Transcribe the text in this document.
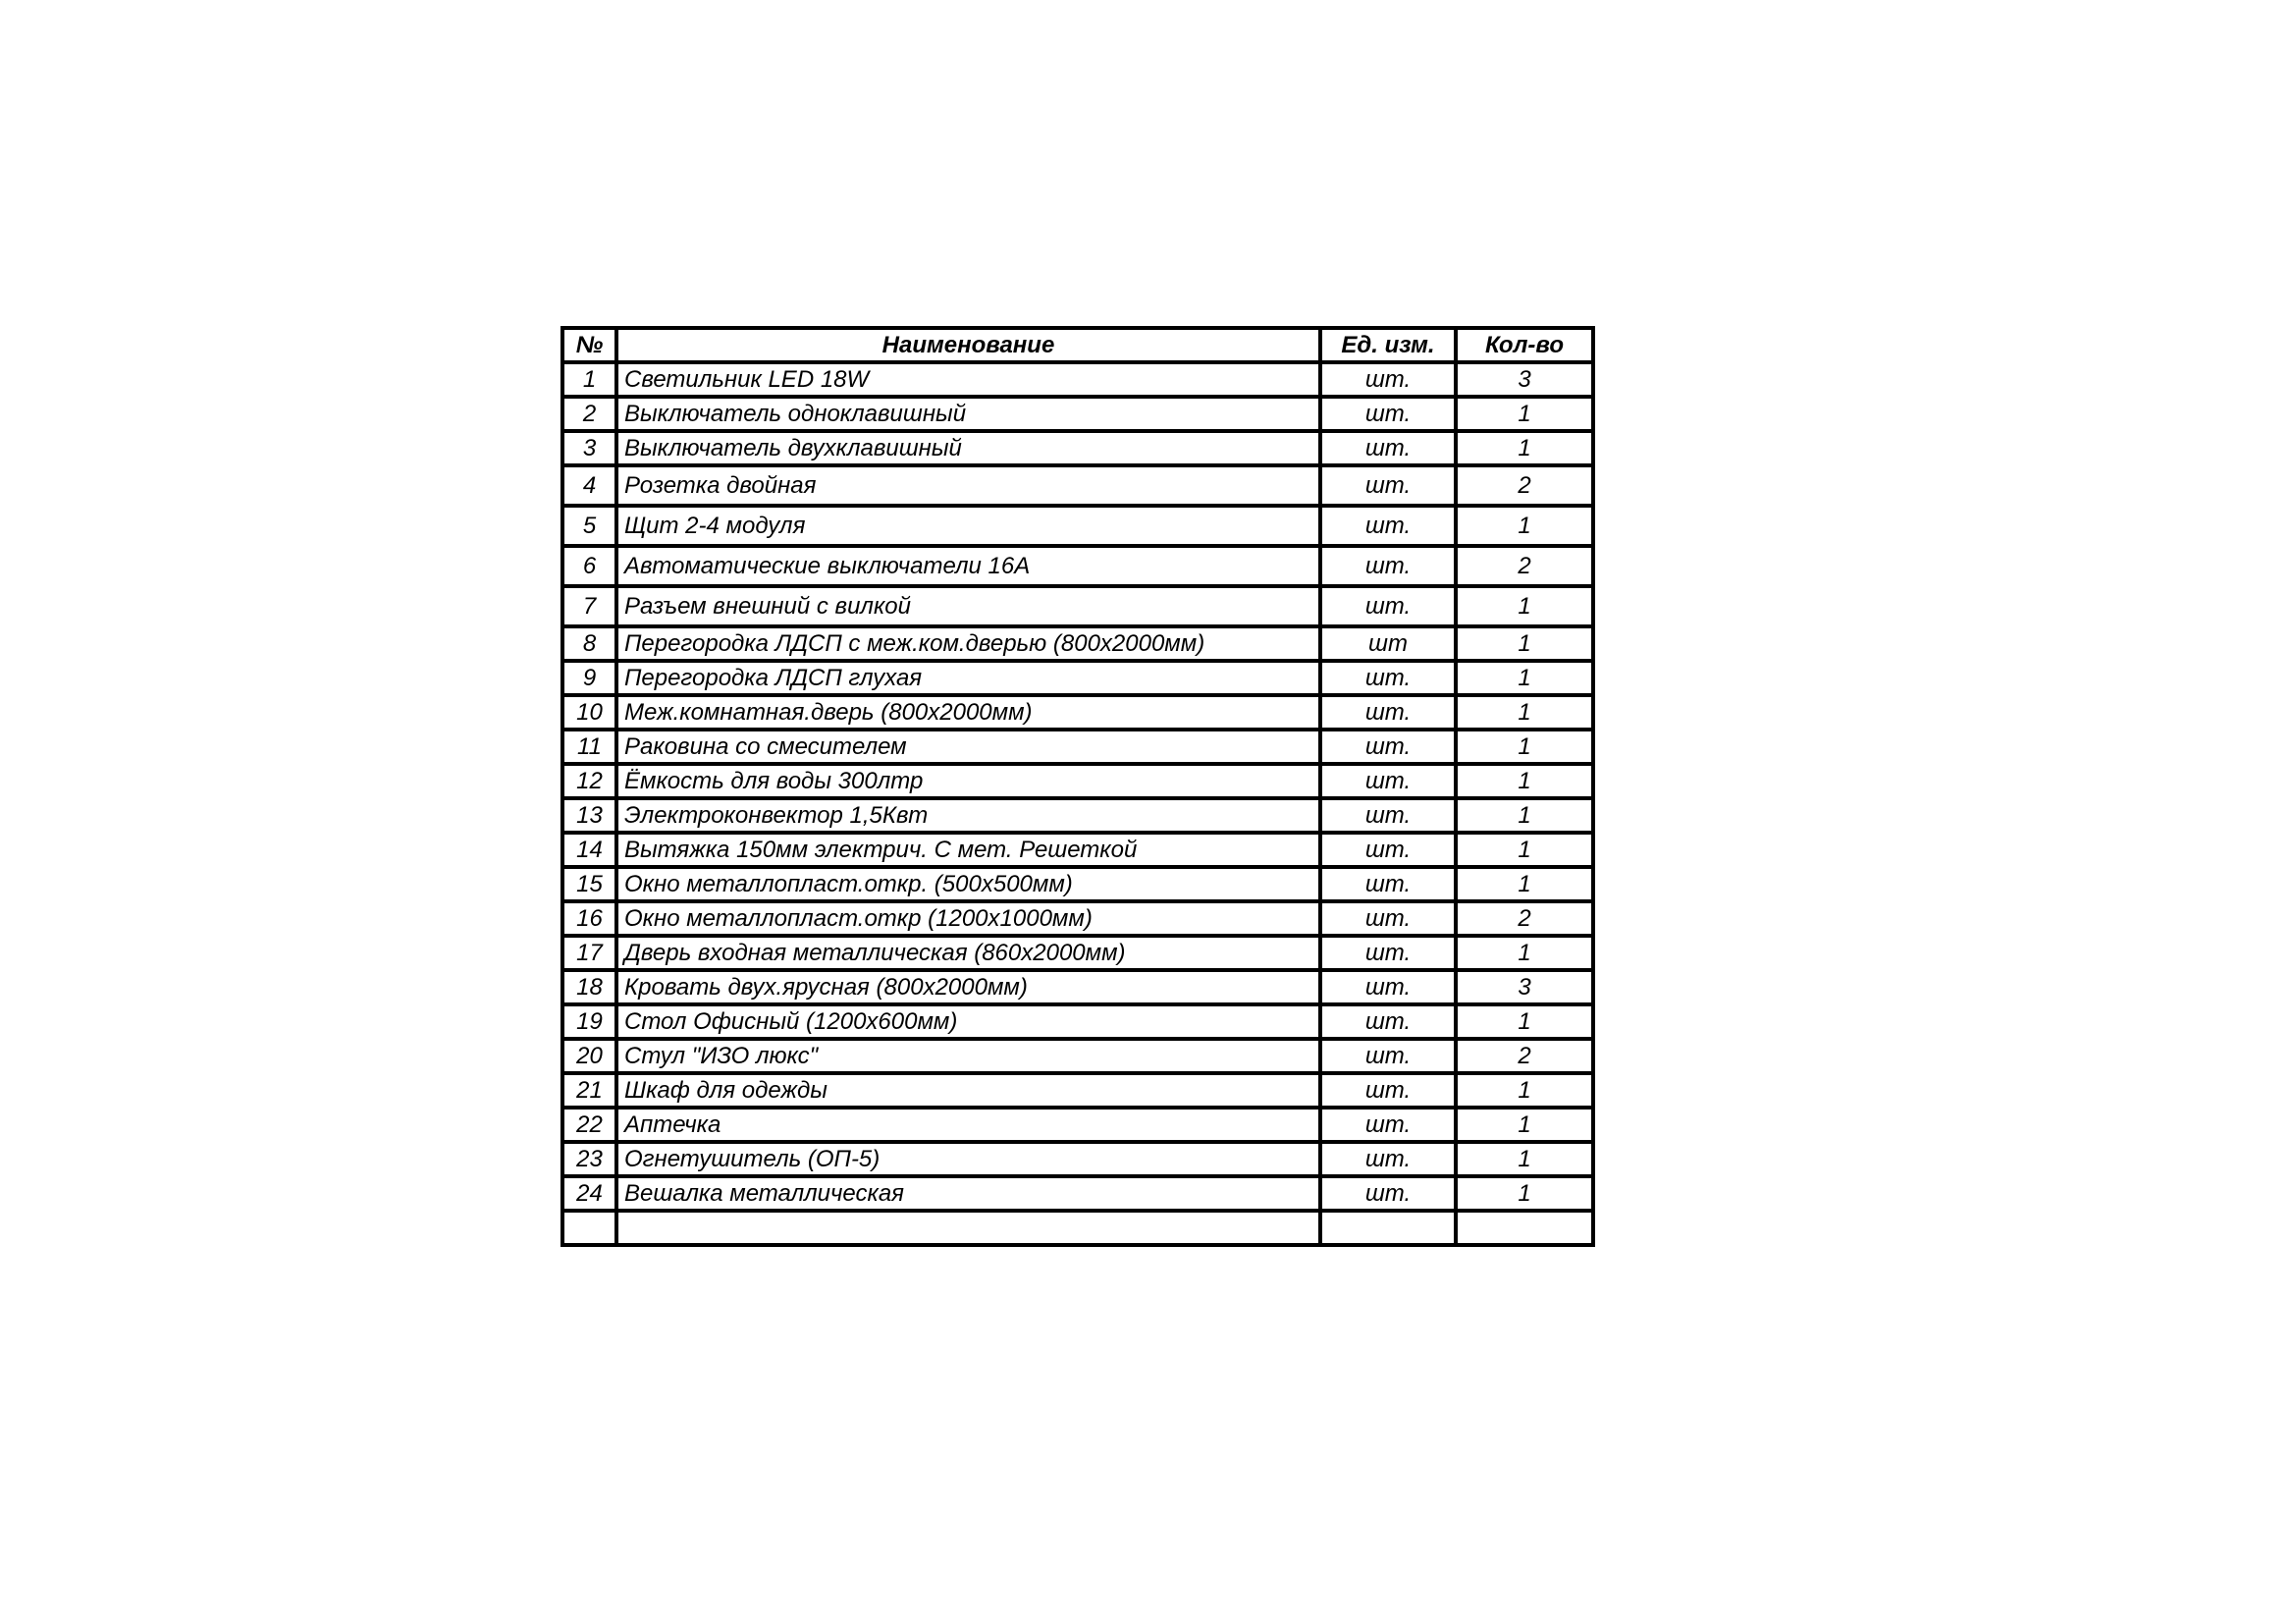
№	Наименование	Ед. изм.	Кол-во
1	Светильник LED 18W	шт.	3
2	Выключатель одноклавишный	шт.	1
3	Выключатель двухклавишный	шт.	1
4	Розетка двойная	шт.	2
5	Щит 2-4 модуля	шт.	1
6	Автоматические выключатели 16А	шт.	2
7	Разъем внешний с вилкой	шт.	1
8	Перегородка ЛДСП с меж.ком.дверью (800х2000мм)	шт	1
9	Перегородка ЛДСП глухая	шт.	1
10	Меж.комнатная.дверь (800х2000мм)	шт.	1
11	Раковина со смесителем	шт.	1
12	Ёмкость для воды 300лтр	шт.	1
13	Электроконвектор 1,5Квт	шт.	1
14	Вытяжка 150мм электрич. С мет. Решеткой	шт.	1
15	Окно металлопласт.откр. (500х500мм)	шт.	1
16	Окно металлопласт.откр (1200х1000мм)	шт.	2
17	Дверь входная металлическая (860х2000мм)	шт.	1
18	Кровать двух.ярусная (800х2000мм)	шт.	3
19	Стол Офисный (1200х600мм)	шт.	1
20	Стул "ИЗО люкс"	шт.	2
21	Шкаф для одежды	шт.	1
22	Аптечка	шт.	1
23	Огнетушитель (ОП-5)	шт.	1
24	Вешалка металлическая	шт.	1
